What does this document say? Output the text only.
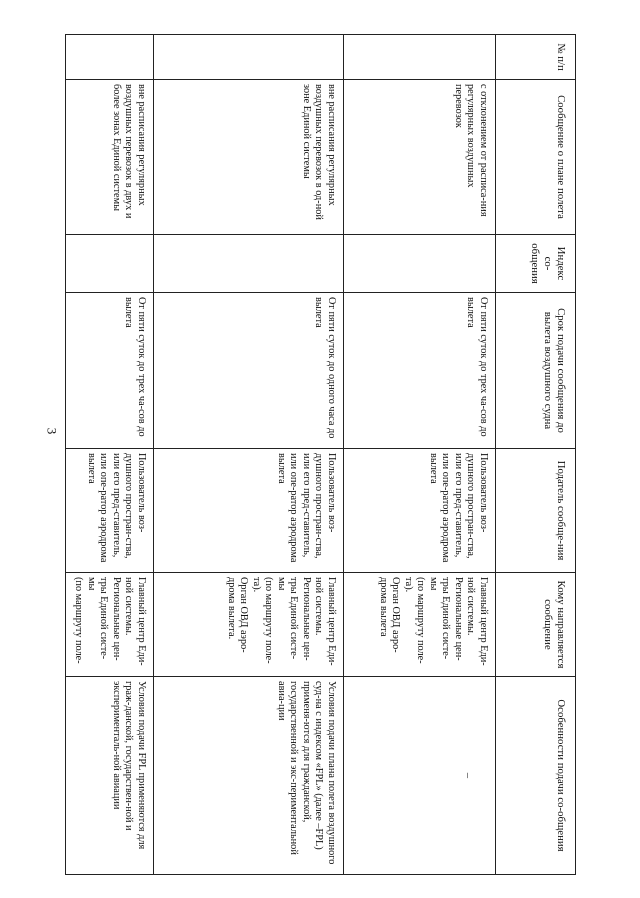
3
№ п/п	Сообщение о плане полета	Индекс со-общения	Срок подачи сообщения до вылета воздушного судна	Податель сообще-ния	Кому направляется сообщение	Особенности подачи со-общения
	с отклонением от расписа-ния регулярных воздушных перевозок		От пяти суток до трех ча-сов до вылета	Пользователь воз-душного простран-ства, или его пред-ставитель, или опе-ратор аэродрома вылета	Главный центр Еди-ной системы.
Региональные цен-тры Единой систе-мы
(по маршруту поле-та).
Орган ОВД аэро-дрома вылета	–
	вне расписания регулярных воздушных перевозок в од-ной зоне Единой системы		От пяти суток до одного часа до вылета	Пользователь воз-душного простран-ства, или его пред-ставитель, или опе-ратор аэродрома вылета	Главный центр Еди-ной системы.
Региональные цен-тры Единой систе-мы
(по маршруту поле-та).
Орган ОВД аэро-дрома вылета.	Условия подачи плана полета воздушного суд-на с индексом «FPL» (далее –FPL) применя-ются для гражданской, государственной и экс-периментальной авиа-ции
	вне расписания регулярных воздушных перевозок в двух и более зонах Единой системы		От пяти суток до трех ча-сов до вылета	Пользователь воз-душного простран-ства, или его пред-ставитель, или опе-ратор аэродрома вылета	Главный центр Еди-ной системы.
Региональные цен-тры Единой систе-мы
(по маршруту поле-	Условия подачи FPL применяются для граж-данской, государствен-ной и эксперименталь-ной авиации
